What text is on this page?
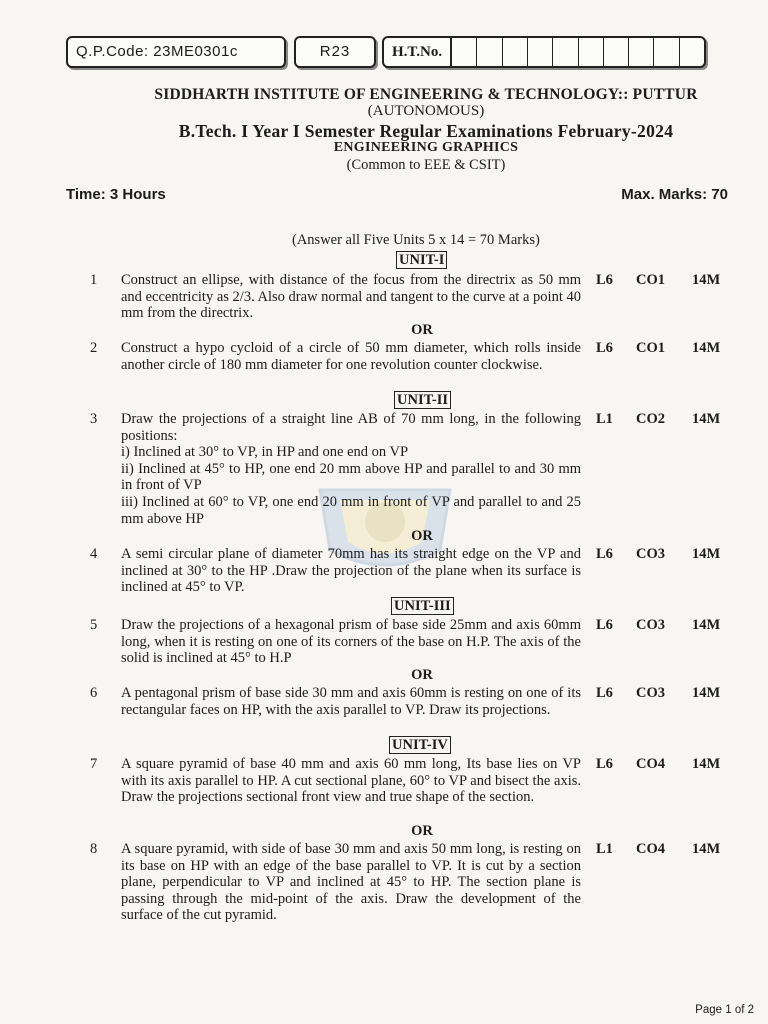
Q.P.Code: 23ME0301c	R23	H.T.No.
SIDDHARTH INSTITUTE OF ENGINEERING & TECHNOLOGY:: PUTTUR
(AUTONOMOUS)
B.Tech. I Year I Semester Regular Examinations February-2024
ENGINEERING GRAPHICS
(Common to EEE & CSIT)
Time: 3 Hours	Max. Marks: 70
(Answer all Five Units 5 x 14 = 70 Marks)
UNIT-I
1 Construct an ellipse, with distance of the focus from the directrix as 50 mm and eccentricity as 2/3. Also draw normal and tangent to the curve at a point 40 mm from the directrix.
L6 CO1 14M
OR
2 Construct a hypo cycloid of a circle of 50 mm diameter, which rolls inside another circle of 180 mm diameter for one revolution counter clockwise.
L6 CO1 14M
UNIT-II
3 Draw the projections of a straight line AB of 70 mm long, in the following positions:
i) Inclined at 30° to VP, in HP and one end on VP
ii) Inclined at 45° to HP, one end 20 mm above HP and parallel to and 30 mm in front of VP
iii) Inclined at 60° to VP, one end 20 mm in front of VP and parallel to and 25 mm above HP
L1 CO2 14M
OR
4 A semi circular plane of diameter 70mm has its straight edge on the VP and inclined at 30° to the HP .Draw the projection of the plane when its surface is inclined at 45° to VP.
L6 CO3 14M
UNIT-III
5 Draw the projections of a hexagonal prism of base side 25mm and axis 60mm long, when it is resting on one of its corners of the base on H.P. The axis of the solid is inclined at 45° to H.P
L6 CO3 14M
OR
6 A pentagonal prism of base side 30 mm and axis 60mm is resting on one of its rectangular faces on HP, with the axis parallel to VP. Draw its projections.
L6 CO3 14M
UNIT-IV
7 A square pyramid of base 40 mm and axis 60 mm long, Its base lies on VP with its axis parallel to HP. A cut sectional plane, 60° to VP and bisect the axis. Draw the projections sectional front view and true shape of the section.
L6 CO4 14M
OR
8 A square pyramid, with side of base 30 mm and axis 50 mm long, is resting on its base on HP with an edge of the base parallel to VP. It is cut by a section plane, perpendicular to VP and inclined at 45° to HP. The section plane is passing through the mid-point of the axis. Draw the development of the surface of the cut pyramid.
L1 CO4 14M
Page 1 of 2
